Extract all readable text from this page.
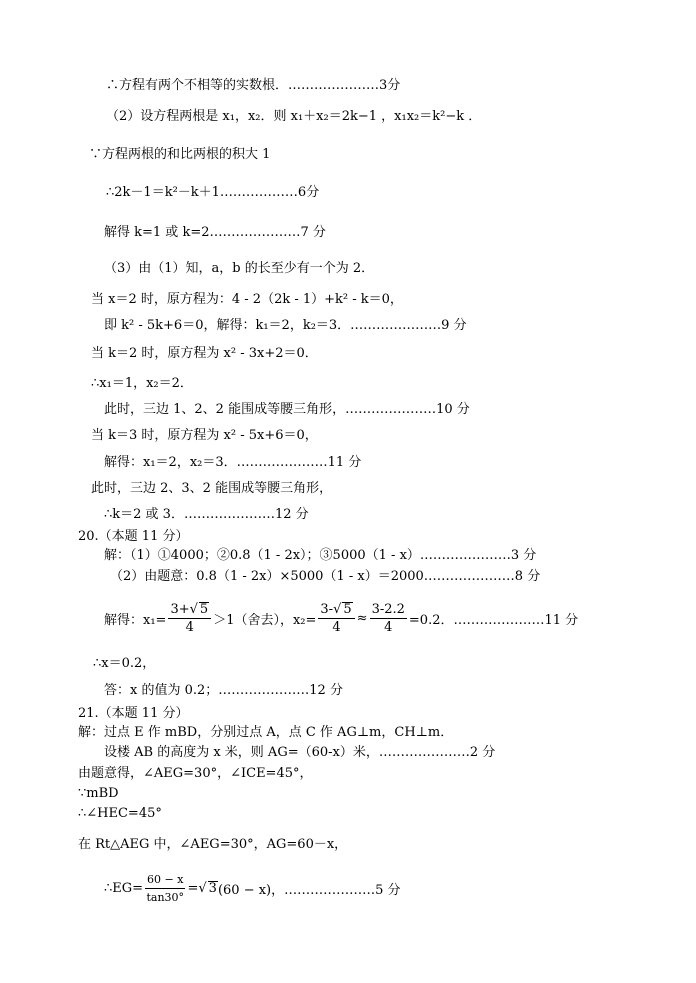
∴方程有两个不相等的实数根．…………………3分
（2）设方程两根是 x₁，x₂．则 x₁＋x₂＝2k−1 ，x₁x₂＝k²−k ．
∵方程两根的和比两根的积大 1
∴2k－1＝k²－k＋1………………6分
解得 k=1 或 k=2…………………7 分
（3）由（1）知，a，b 的长至少有一个为 2．
当 x＝2 时，原方程为：4 - 2（2k - 1）+k² - k＝0，
即 k² - 5k+6＝0，解得：k₁＝2，k₂＝3．…………………9 分
当 k＝2 时，原方程为 x² - 3x+2＝0．
∴x₁＝1，x₂＝2．
此时，三边 1、2、2 能围成等腰三角形，…………………10 分
当 k＝3 时，原方程为 x² - 5x+6＝0，
解得：x₁＝2，x₂＝3．…………………11 分
此时，三边 2、3、2 能围成等腰三角形，
∴k＝2 或 3．…………………12 分
20.（本题 11 分）
解：（1）①4000；②0.8（1 - 2x）；③5000（1 - x）…………………3 分
（2）由题意：0.8（1 - 2x）×5000（1 - x）＝2000…………………8 分
解得：$x_1= \frac{3+√ 5}{4} >1$（舍去），$x_2= \frac{3-√ 5}{4} \approx \frac{3-2.2}{4} =0.2$．…………………11 分
∴x＝0.2，
答：x 的值为 0.2；…………………12 分
21.（本题 11 分）
解：过点 E 作 mBD，分别过点 A，点 C 作 AG⊥m，CH⊥m．
设楼 AB 的高度为 x 米，则 AG=（60-x）米，…………………2 分
由题意得，∠AEG=30°，∠ICE=45°，
∵mBD
∴∠HEC=45°
在 Rt△AEG 中，∠AEG=30°，AG=60－x，
∴EG= $\frac{60 - x}{\tan 30^\circ}$ = √ 3 (60 − x)，…………………5 分
